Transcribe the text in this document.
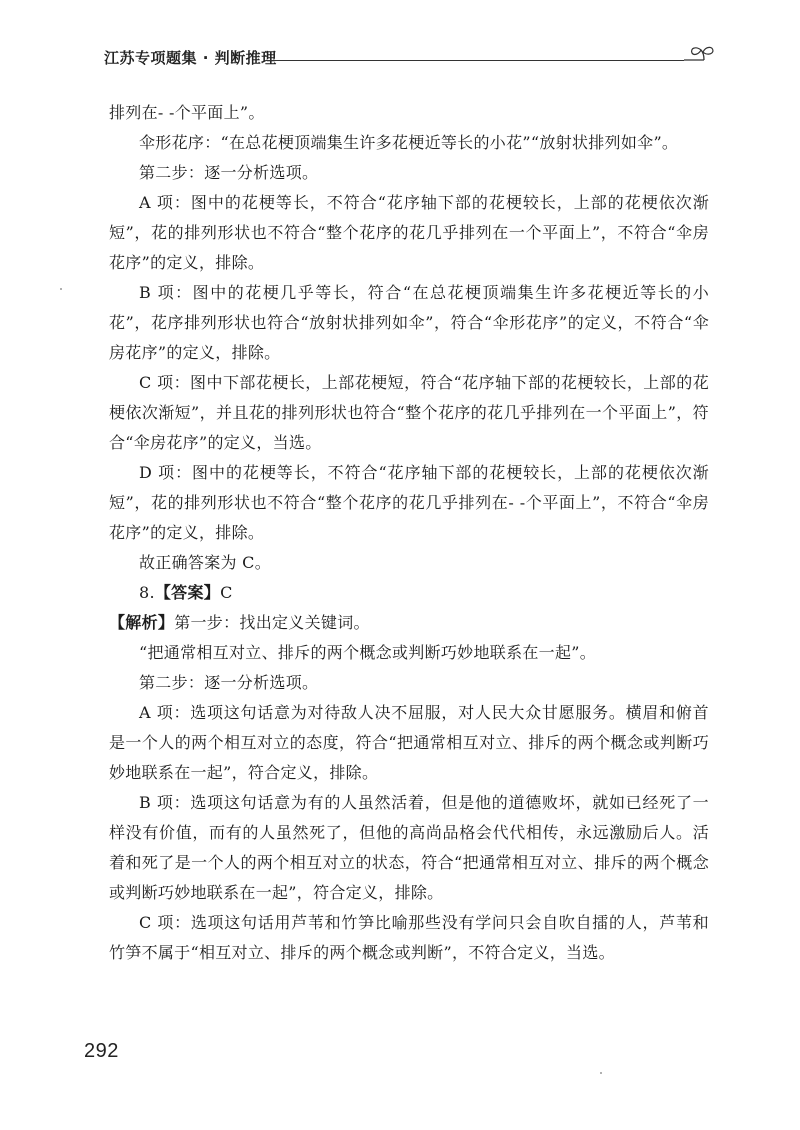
江苏专项题集 · 判断推理

排列在- -个平面上”。

伞形花序：“在总花梗顶端集生许多花梗近等长的小花”“放射状排列如伞”。

第二步：逐一分析选项。

A 项：图中的花梗等长，不符合“花序轴下部的花梗较长，上部的花梗依次渐短”，花的排列形状也不符合“整个花序的花几乎排列在一个平面上”，不符合“伞房花序”的定义，排除。

B 项：图中的花梗几乎等长，符合“在总花梗顶端集生许多花梗近等长的小花”，花序排列形状也符合“放射状排列如伞”，符合“伞形花序”的定义，不符合“伞房花序”的定义，排除。

C 项：图中下部花梗长，上部花梗短，符合“花序轴下部的花梗较长，上部的花梗依次渐短”，并且花的排列形状也符合“整个花序的花几乎排列在一个平面上”，符合“伞房花序”的定义，当选。

D 项：图中的花梗等长，不符合“花序轴下部的花梗较长，上部的花梗依次渐短”，花的排列形状也不符合“整个花序的花几乎排列在- -个平面上”，不符合“伞房花序”的定义，排除。

故正确答案为 C。

8.【答案】C

【解析】第一步：找出定义关键词。

“把通常相互对立、排斥的两个概念或判断巧妙地联系在一起”。

第二步：逐一分析选项。

A 项：选项这句话意为对待敌人决不屈服，对人民大众甘愿服务。横眉和俯首是一个人的两个相互对立的态度，符合“把通常相互对立、排斥的两个概念或判断巧妙地联系在一起”，符合定义，排除。

B 项：选项这句话意为有的人虽然活着，但是他的道德败坏，就如已经死了一样没有价值，而有的人虽然死了，但他的高尚品格会代代相传，永远激励后人。活着和死了是一个人的两个相互对立的状态，符合“把通常相互对立、排斥的两个概念或判断巧妙地联系在一起”，符合定义，排除。

C 项：选项这句话用芦苇和竹笋比喻那些没有学问只会自吹自擂的人，芦苇和竹笋不属于“相互对立、排斥的两个概念或判断”，不符合定义，当选。

292
